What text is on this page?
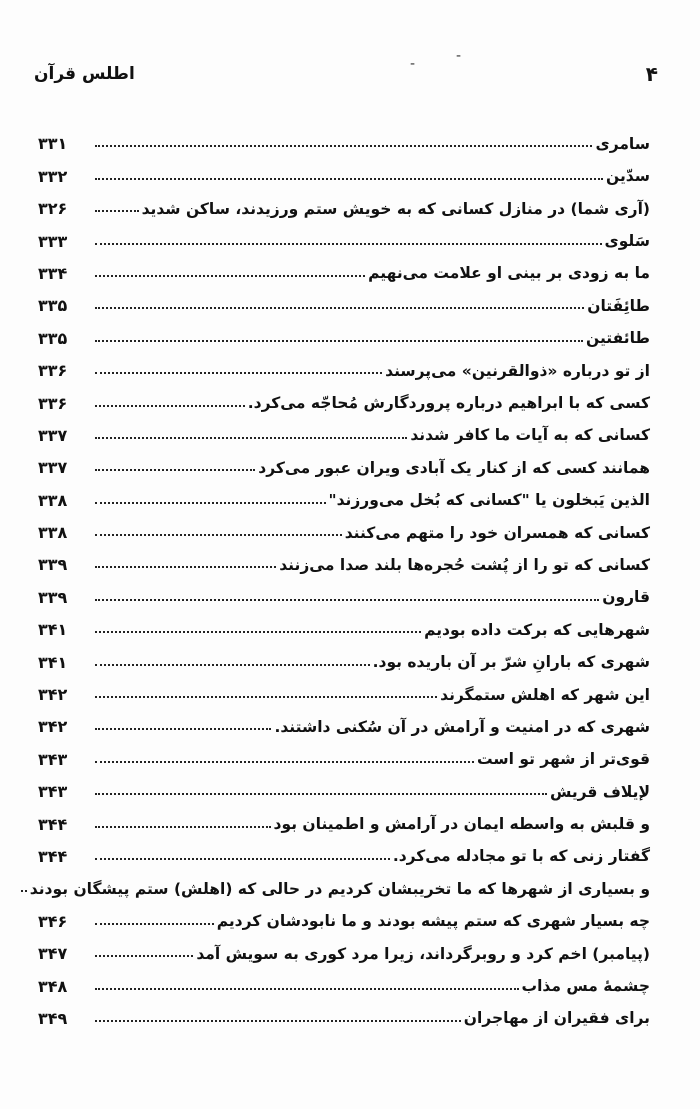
۴
-	-
اطلس قرآن
سامری
۳۳۱
سدّین
۳۳۲
(آری شما) در منازل کسانی که به خویش ستم ورزیدند، ساکن شدید
۳۲۶
سَلوی
۳۳۳
ما به زودی بر بینی او علامت می‌نهیم
۳۳۴
طائِفَتان
۳۳۵
طائفتین
۳۳۵
از تو درباره «ذوالقرنین» می‌پرسند
۳۳۶
کسی که با ابراهیم درباره پروردگارش مُحاجّه می‌کرد.
۳۳۶
کسانی که به آیات ما کافر شدند
۳۳۷
همانند کسی که از کنار یک آبادی ویران عبور می‌کرد
۳۳۷
الذین یَبخلون یا "کسانی که بُخل می‌ورزند"
۳۳۸
کسانی که همسران خود را متهم می‌کنند
۳۳۸
کسانی که تو را از پُشت حُجره‌ها بلند صدا می‌زنند
۳۳۹
قارون
۳۳۹
شهرهایی که برکت داده بودیم
۳۴۱
شهری که بارانِ شرّ بر آن باریده بود.
۳۴۱
این شهر که اهلش ستمگرند
۳۴۲
شهری که در امنیت و آرامش در آن سُکنی داشتند.
۳۴۲
قوی‌تر از شهر تو است
۳۴۳
لإیلاف قریش
۳۴۳
و قلبش به واسطه ایمان در آرامش و اطمینان بود
۳۴۴
گفتار زنی که با تو مجادله می‌کرد.
۳۴۴
و بسیاری از شهرها که ما تخریبشان کردیم در حالی که (اهلش) ستم پیشگان بودند
چه بسیار شهری که ستم پیشه بودند و ما نابودشان کردیم
۳۴۶
(پیامبر) اخم کرد و روبرگرداند، زیرا مرد کوری به سویش آمد
۳۴۷
چشمهٔ مس مذاب
۳۴۸
برای فقیران از مهاجران
۳۴۹
